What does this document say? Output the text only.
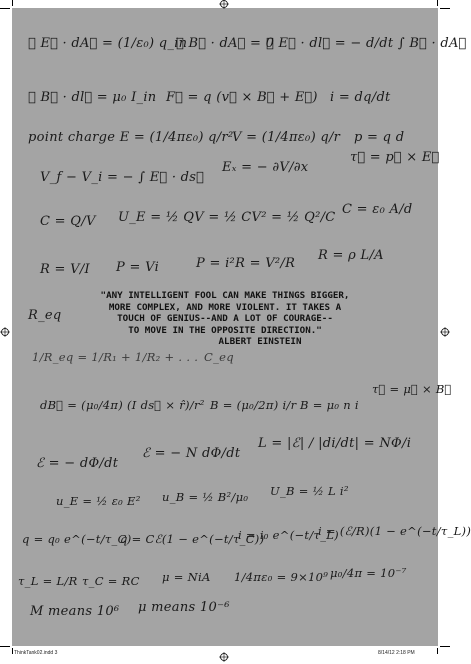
∮ E⃗ · dA⃗ = (1/ε₀) q_in
∮ B⃗ · dA⃗ = 0
∮ E⃗ · dl⃗ = − d/dt ∫ B⃗ · dA⃗
∮ B⃗ · dl⃗ = μ₀ I_in F⃗ = q (v⃗ × B⃗ + E⃗) i = dq/dt
point charge E = (1/4πε₀) q/r²
V = (1/4πε₀) q/r p = q d
V_f − V_i = − ∫ E⃗ · ds⃗
Eₓ = − ∂V/∂x
τ⃗ = p⃗ × E⃗
C = Q/V U_E = ½ QV = ½ CV² = ½ Q²/C
C = ε₀ A/d
R = V/I P = Vi	P = i²R = V²/R
R = ρ L/A
"ANY INTELLIGENT FOOL CAN MAKE THINGS BIGGER,
MORE COMPLEX, AND MORE VIOLENT. IT TAKES A
TOUCH OF GENIUS--AND A LOT OF COURAGE--
TO MOVE IN THE OPPOSITE DIRECTION."
ALBERT EINSTEIN
R_eq
1/R_eq = 1/R₁ + 1/R₂ + . . . C_eq
dB⃗ = (μ₀/4π) (I ds⃗ × r̂)/r² B = (μ₀/2π) i/r B = μ₀ n i
τ⃗ = μ⃗ × B⃗
ℰ = − dΦ/dt
ℰ = − N dΦ/dt
L = |ℰ| / |di/dt| = NΦ/i
u_E = ½ ε₀ E² u_B = ½ B²/μ₀ U_B = ½ L i²
q = q₀ e^(−t/τ_C)
q = Cℰ(1 − e^(−t/τ_C))
i = i₀ e^(−t/τ_L)
i = (ℰ/R)(1 − e^(−t/τ_L))
τ_L = L/R τ_C = RC μ = NiA 1/4πε₀ = 9×10⁹ μ₀/4π = 10⁻⁷
M means 10⁶ μ means 10⁻⁶
ThinkTank02.indd 3	8/14/12 2:18 PM
